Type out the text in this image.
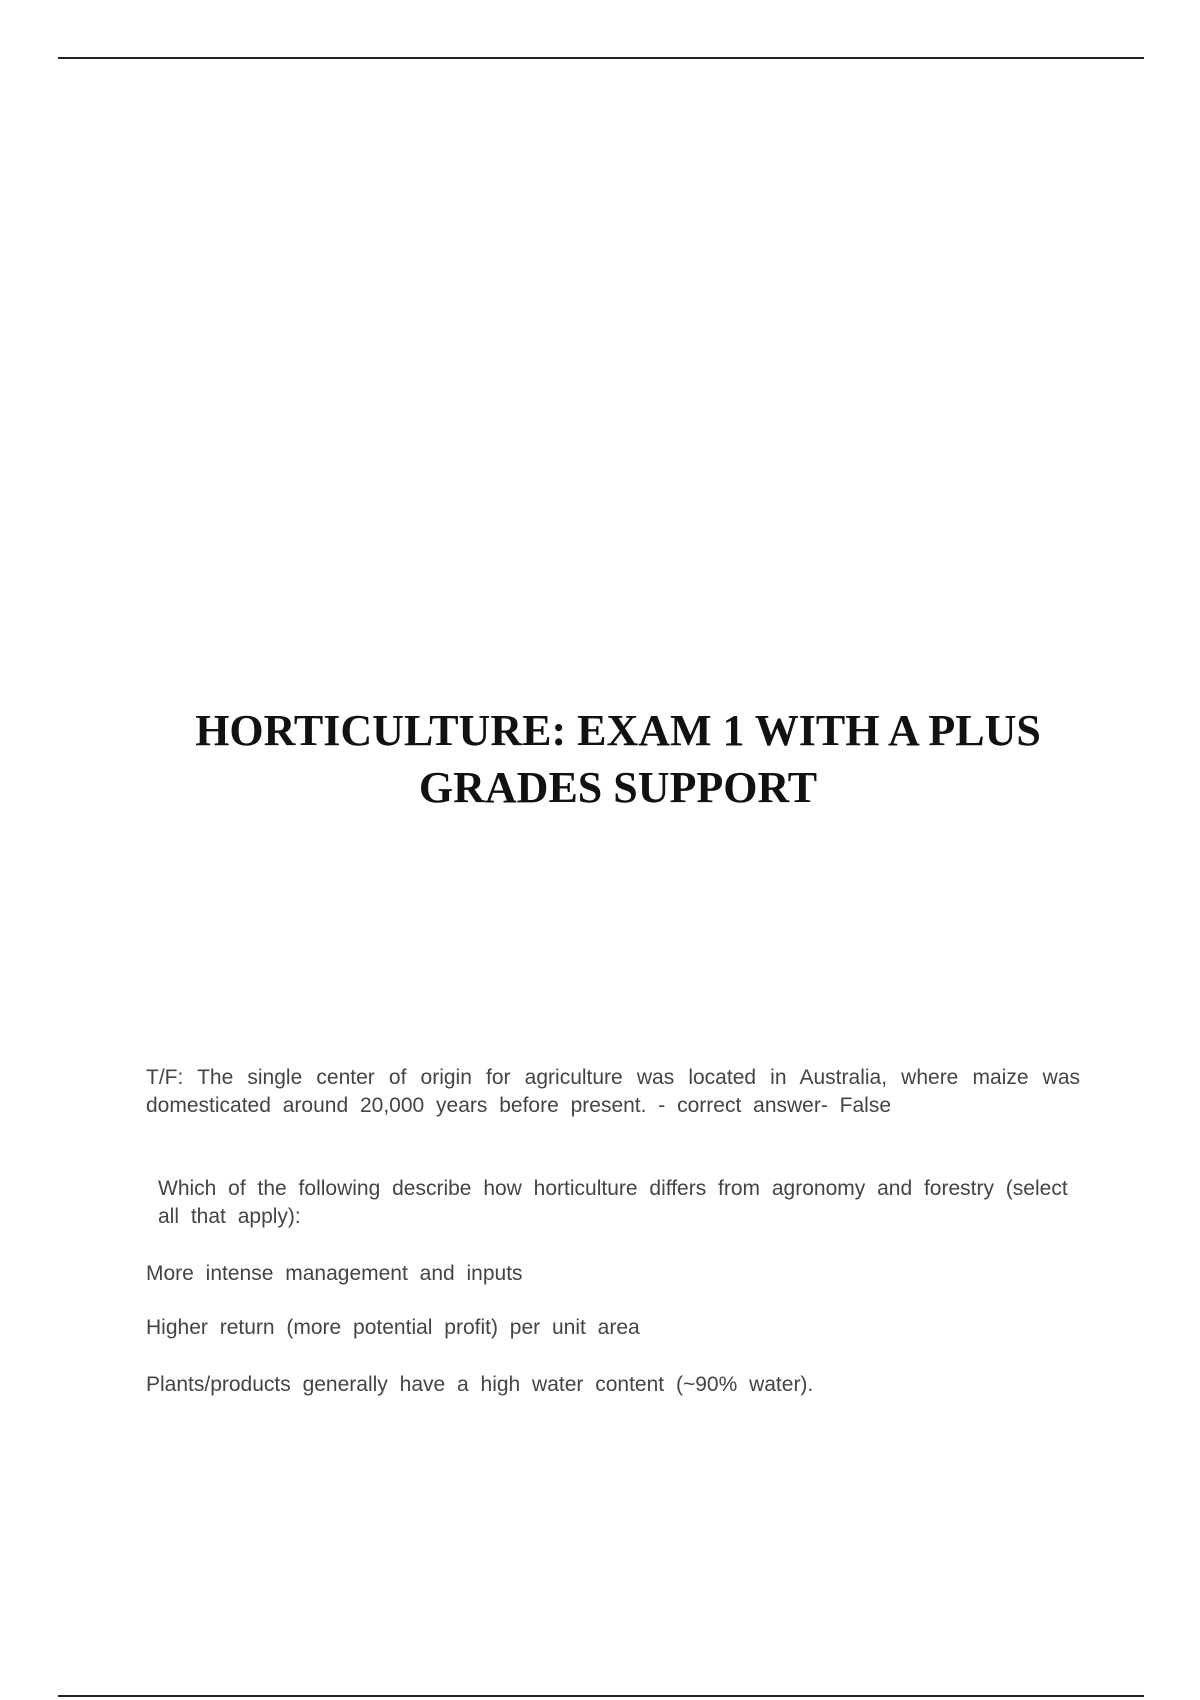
HORTICULTURE: EXAM 1 WITH A PLUS GRADES SUPPORT

T/F: The single center of origin for agriculture was located in Australia, where maize was domesticated around 20,000 years before present. - correct answer- False

Which of the following describe how horticulture differs from agronomy and forestry (select all that apply):

More intense management and inputs

Higher return (more potential profit) per unit area

Plants/products generally have a high water content (~90% water).
